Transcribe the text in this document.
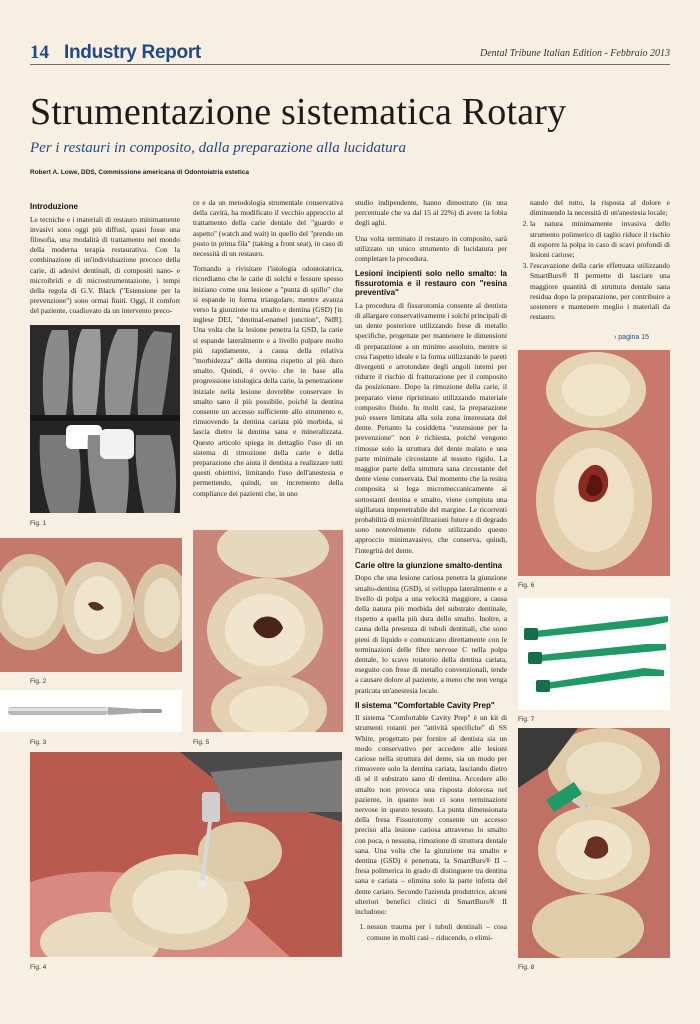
14 Industry Report	Dental Tribune Italian Edition - Febbraio 2013
Strumentazione sistematica Rotary
Per i restauri in composito, dalla preparazione alla lucidatura
Robert A. Lowe, DDS, Commissione americana di Odontoiatria estetica
Introduzione

Le tecniche e i materiali di restauro minimamente invasivi sono oggi più diffusi, quasi fosse una filosofia, una modalità di trattamento nel mondo della moderna terapia restaurativa. Con la combinazione di un'individuazione precoce della carie, di adesivi dentinali, di compositi nano- e microibridi e di microstrumentazione, i tempi della regola di G.V. Black ("Estensione per la prevenzione") sono ormai finiti. Oggi, il comfort del paziente, coadiuvato da un intervento preco-

ce e da un metodologia strumentale conservativa della cavità, ha modificato il vecchio approccio al trattamento della carie dentale del "guardo e aspetto" (watch and wait) in quello del "prendo un posto in prima fila" (taking a front seat), in caso di necessità di un restauro.

Tornando a rivisitare l'istologia odontoiatrica, ricordiamo che le carie di solchi e fessure spesso iniziano come una lesione a "punta di spillo" che si espande in forma triangolare, mentre avanza verso la giunzione tra smalto e dentina (GSD) [in inglese DEJ, "dentinal-enamel junction", NdR]. Una volta che la lesione penetra la GSD, la carie si espande lateralmente e a livello pulpare molto più rapidamente, a causa della relativa "morbidezza" della dentina rispetto al più duro smalto. Quindi, è ovvio che in base alla progressione istologica della carie, la penetrazione iniziale nella lesione dovrebbe conservare lo smalto sano il più possibile, poiché la dentina consente un accesso sufficiente allo strumento e, rimuovendo la dentina cariata più morbida, si lascia dietro la dentina sana e mineralizzata. Questo articolo spiega in dettaglio l'uso di un sistema di rimozione della carie e della preparazione che aiuta il dentista a realizzare tutti questi obiettivi, limitando l'uso dell'anestesia e permettendo, quindi, un incremento della compliance dei pazienti che, in uno

studio indipendente, hanno dimostrato (in una percentuale che va dal 15 al 22%) di avere la fobia degli aghi.

Una volta terminato il restauro in composito, sarà utilizzato un unico strumento di lucidatura per completare la procedura.

Lesioni incipienti solo nello smalto: la fissurotomia e il restauro con "resina preventiva"

La procedura di fissurotomia consente al dentista di allargare conservativamente i solchi principali di un dente posteriore utilizzando frese di metallo specifiche, progettate per mantenere le dimensioni di preparazione a un minimo assoluto, mentre si crea l'aspetto ideale e la forma utilizzando le pareti divergenti e arrotondate degli angoli interni per ridurre il rischio di fratturazione per il composito da posizionare. Dopo la rimozione della carie, il preparato viene ripristinato utilizzando materiale composito fluido. In molti casi, la preparazione può essere limitata alla sola zona interessata del dente. Pertanto la cosiddetta "estensione per la prevenzione" non è richiesta, poiché vengono rimosse solo la struttura del dente malato e una parte minimale circostante al tessuto rigido. La maggior parte della struttura sana circostante del dente viene conservata. Dal momento che la resina composita si lega micromeccanicamente ai sottostanti dentina e smalto, viene compiuta una sigillatura impenetrabile del margine. Le ricorrenti probabilità di microinfiltrazioni future e di degrado sono notevolmente ridotte utilizzando questo approccio minimavasivo, che conserva, quindi, l'integrità del dente.

Carie oltre la giunzione smalto-dentina

Dopo che una lesione cariosa penetra la giunzione smalto-dentina (GSD), si sviluppa lateralmente e a livello di polpa a una velocità maggiore, a causa della natura più morbida del substrato dentinale, rispetto a quella più dura dello smalto. Inoltre, a causa della presenza di tubuli dentinali, che sono pieni di liquido e comunicano direttamente con le terminazioni delle fibre nervose C nella polpa dentale, lo scavo rotatorio della dentina cariata, eseguito con frese di metallo convenzionali, tende a causare dolore al paziente, a meno che non venga praticata un'anestesia locale.

Il sistema "Comfortable Cavity Prep"

Il sistema "Comfortable Cavity Prep" è un kit di strumenti rotanti per "attività specifiche" di SS White, progettato per fornire al dentista sia un modo conservativo per accedere alle lesioni cariose nella struttura del dente, sia un modo per rimuovere solo la dentina cariata, lasciando dietro di sé il substrato sano di dentina. Accedere allo smalto non provoca una risposta dolorosa nel paziente, in quanto non ci sono terminazioni nervose in questo tessuto. La punta dimensionata della fresa Fissurotomy consente un accesso preciso alla lesione cariosa attraverso lo smalto con poca, o nessuna, rimozione di struttura dentale sana. Una volta che la giunzione tra smalto e dentina (GSD) è penetrata, la SmartBurs® II – fresa polimerica in grado di distinguere tra dentina sana e cariata – elimina solo la parte infetta del dente cariato. Secondo l'azienda produttrice, alcuni ulteriori benefici clinici di SmartBurs® II includono:

1. nessun trauma per i tubuli dentinali – cosa comune in molti casi – riducendo, o elimi-

nando del tutto, la risposta al dolore e diminuendo la necessità di un'anestesia locale;

2. la natura minimamente invasiva dello strumento polimerico di taglio riduce il rischio di esporre la polpa in caso di scavi profondi di lesioni cariose;
3. l'escavazione della carie effettuata utilizzando SmartBurs® II permette di lasciare una maggiore quantità di struttura dentale sana residua dopo la preparazione, per contribuire a sostenere e mantenere meglio i materiali da restauro.
› pagina 15
Fig. 1
Fig. 2
Fig. 3	Fig. 5
Fig. 4
Fig. 6
Fig. 7
Fig. 8
